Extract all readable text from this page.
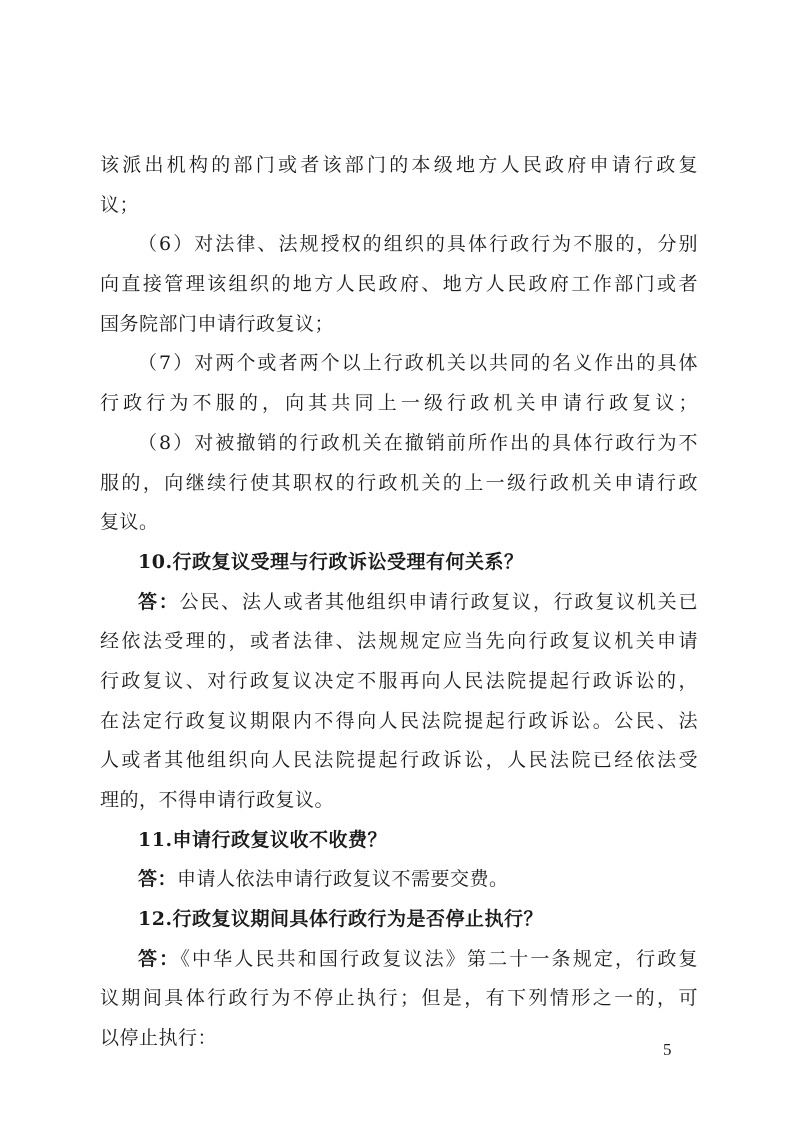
该派出机构的部门或者该部门的本级地方人民政府申请行政复
议；
（6）对法律、法规授权的组织的具体行政行为不服的，分别
向直接管理该组织的地方人民政府、地方人民政府工作部门或者
国务院部门申请行政复议；
（7）对两个或者两个以上行政机关以共同的名义作出的具体
行政行为不服的，向其共同上一级行政机关申请行政复议；
（8）对被撤销的行政机关在撤销前所作出的具体行政行为不
服的，向继续行使其职权的行政机关的上一级行政机关申请行政
复议。
10.行政复议受理与行政诉讼受理有何关系？
答：公民、法人或者其他组织申请行政复议，行政复议机关已
经依法受理的，或者法律、法规规定应当先向行政复议机关申请
行政复议、对行政复议决定不服再向人民法院提起行政诉讼的，
在法定行政复议期限内不得向人民法院提起行政诉讼。公民、法
人或者其他组织向人民法院提起行政诉讼，人民法院已经依法受
理的，不得申请行政复议。
11.申请行政复议收不收费？
答：申请人依法申请行政复议不需要交费。
12.行政复议期间具体行政行为是否停止执行？
答：《中华人民共和国行政复议法》第二十一条规定，行政复
议期间具体行政行为不停止执行；但是，有下列情形之一的，可
以停止执行：
5
